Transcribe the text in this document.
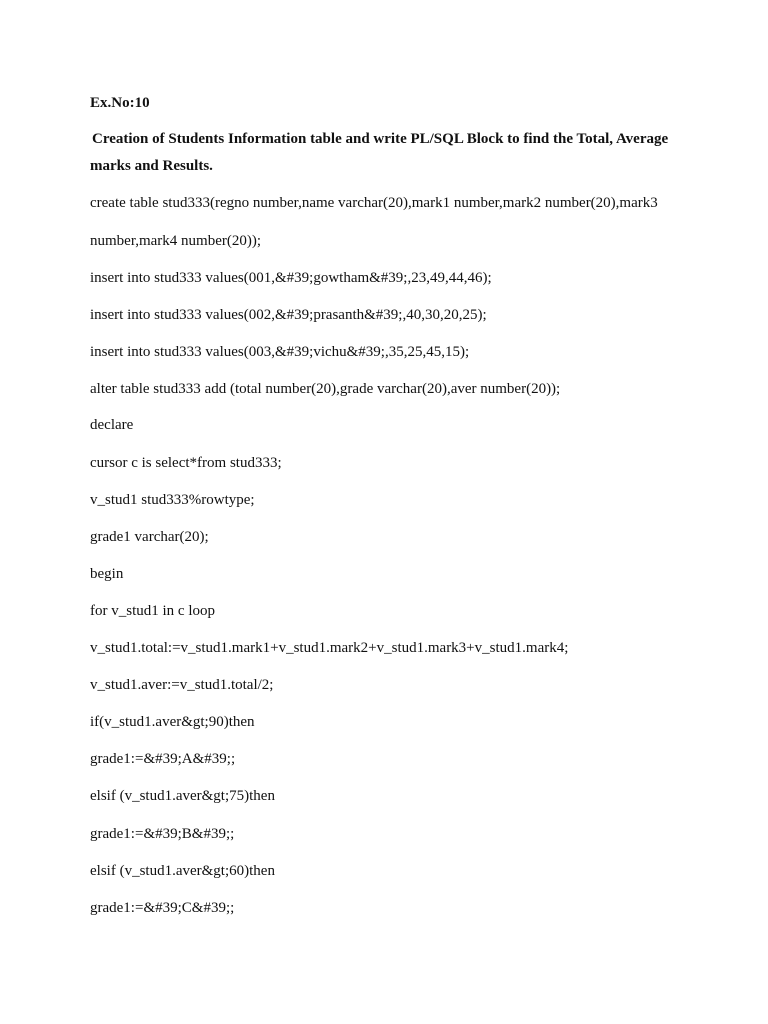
Ex.No:10
Creation of Students Information table and write PL/SQL Block to find the Total, Average
marks and Results.
create table stud333(regno number,name varchar(20),mark1 number,mark2 number(20),mark3
number,mark4 number(20));
insert into stud333 values(001,&#39;gowtham&#39;,23,49,44,46);
insert into stud333 values(002,&#39;prasanth&#39;,40,30,20,25);
insert into stud333 values(003,&#39;vichu&#39;,35,25,45,15);
alter table stud333 add (total number(20),grade varchar(20),aver number(20));
declare
cursor c is select*from stud333;
v_stud1 stud333%rowtype;
grade1 varchar(20);
begin
for v_stud1 in c loop
v_stud1.total:=v_stud1.mark1+v_stud1.mark2+v_stud1.mark3+v_stud1.mark4;
v_stud1.aver:=v_stud1.total/2;
if(v_stud1.aver&gt;90)then
grade1:=&#39;A&#39;;
elsif (v_stud1.aver&gt;75)then
grade1:=&#39;B&#39;;
elsif (v_stud1.aver&gt;60)then
grade1:=&#39;C&#39;;
